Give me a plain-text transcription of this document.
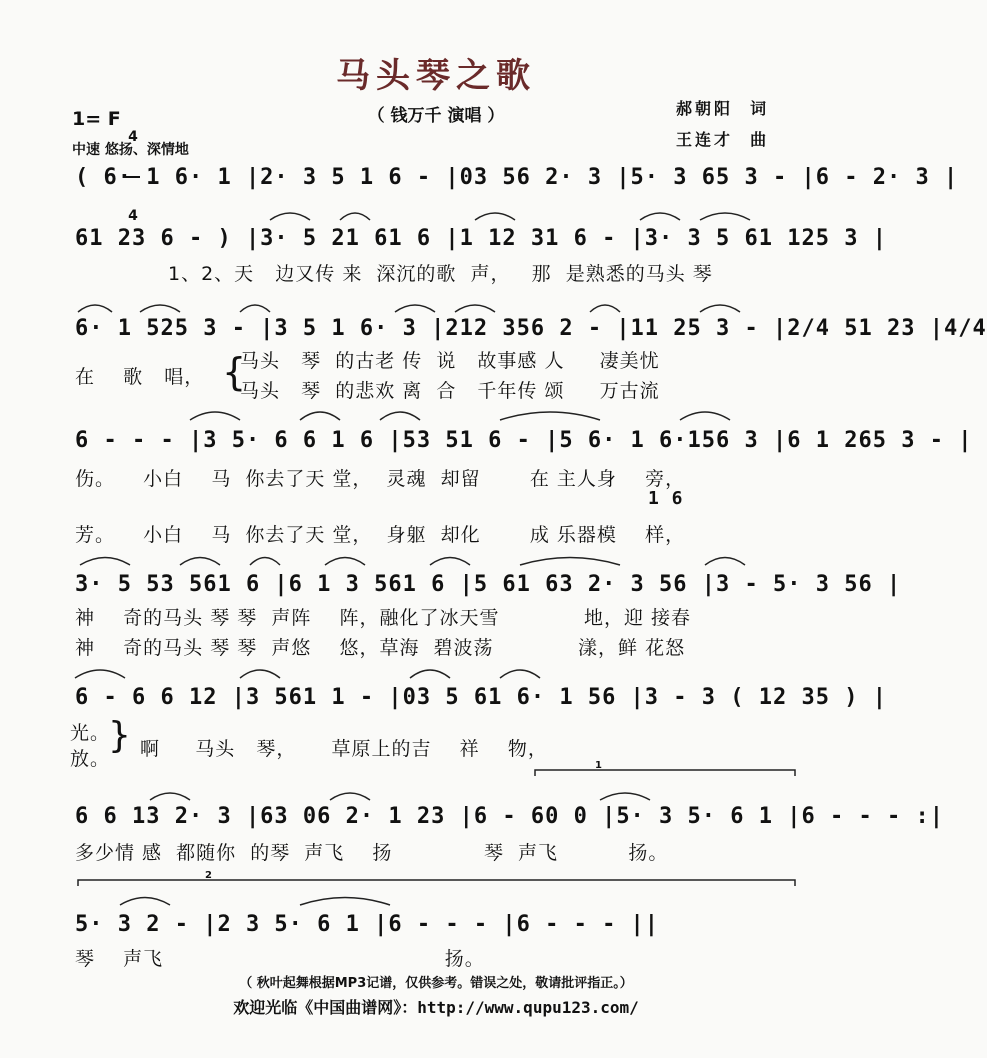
马头琴之歌
（ 钱万千 演唱 ）
1= F

4

4

中速 悠扬、深情地
郝朝阳  词
王连才  曲
1
2
( 6· 1 6· 1 |2· 3 5 1 6 - |03 56 2· 3 |5· 3 65 3 - |6 - 2· 3 |
61 23 6 - ) |3· 5 21 61 6 |1 12 31 6 - |3· 3 5 61 125 3 |
1、2、天   边又传 来  深沉的歌  声，   那  是熟悉的马头 琴
6· 1 525 3 - |3 5 1 6· 3 |212 356 2 - |11 25 3 - |2/4 51 23 |4/4
在    歌   唱， {
马头   琴  的古老 传  说   故事感 人     凄美忧
马头   琴  的悲欢 离  合   千年传 颂     万古流
6 - - - |3 5· 6 6 1 6 |53 51 6 - |5 6· 1 6·156 3 |6 1 265 3 - |
伤。    小白    马  你去了天 堂，  灵魂  却留       在 主人身    旁，
1 6
芳。    小白    马  你去了天 堂，  身躯  却化       成 乐器模    样，
3· 5 53 561 6 |6 1 3 561 6 |5 61 63 2· 3 56 |3 - 5· 3 56 |
神    奇的马头 琴 琴  声阵    阵，融化了冰天雪            地，迎 接春
神    奇的马头 琴 琴  声悠    悠，草海  碧波荡            漾，鲜 花怒
6 - 6 6 12 |3 561 1 - |03 5 61 6· 1 56 |3 - 3 ( 12 35 ) |
光。
放。
} 啊     马头   琴，     草原上的吉    祥    物，
6 6 13 2· 3 |63 06 2· 1 23 |6 - 60 0 |5· 3 5· 6 1 |6 - - - :|
多少情 感  都随你  的琴  声飞    扬             琴  声飞          扬。
5· 3 2 - |2 3 5· 6 1 |6 - - - |6 - - - ||
琴    声飞                                        扬。
（ 秋叶起舞根据MP3记谱，仅供参考。错误之处，敬请批评指正。）
欢迎光临《中国曲谱网》：http://www.qupu123.com/
